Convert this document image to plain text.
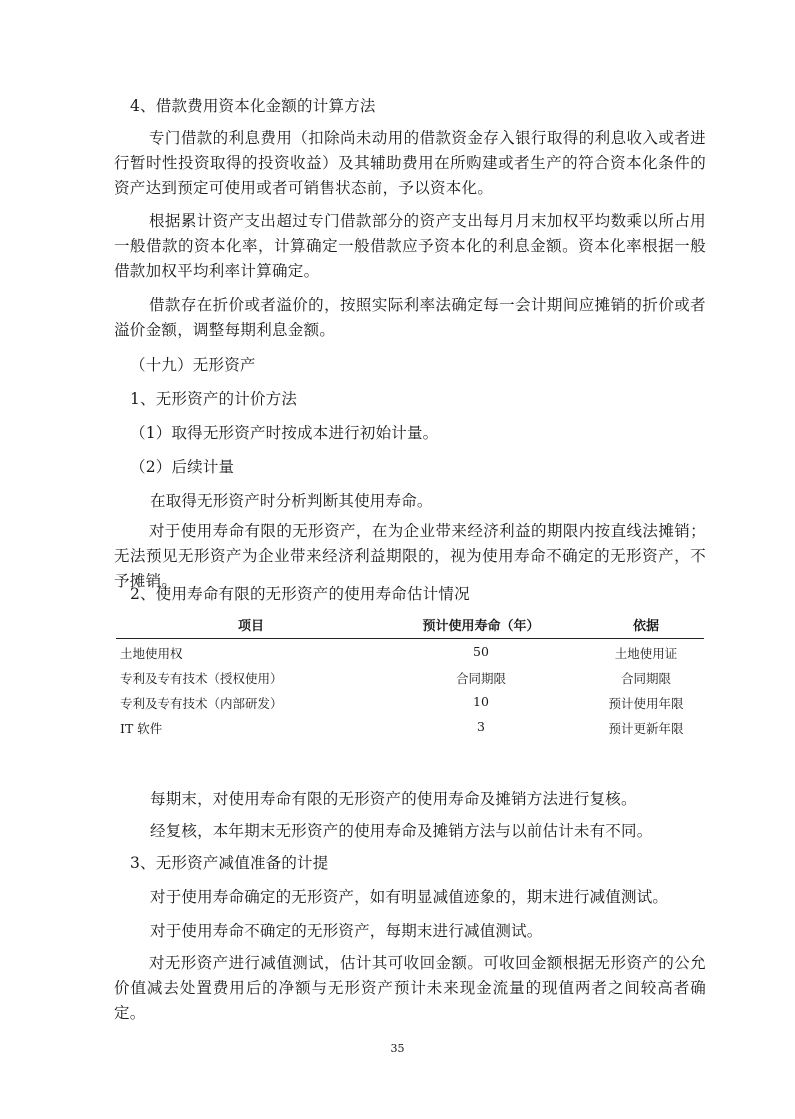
4、借款费用资本化金额的计算方法
专门借款的利息费用（扣除尚未动用的借款资金存入银行取得的利息收入或者进行暂时性投资取得的投资收益）及其辅助费用在所购建或者生产的符合资本化条件的资产达到预定可使用或者可销售状态前，予以资本化。
根据累计资产支出超过专门借款部分的资产支出每月月末加权平均数乘以所占用一般借款的资本化率，计算确定一般借款应予资本化的利息金额。资本化率根据一般借款加权平均利率计算确定。
借款存在折价或者溢价的，按照实际利率法确定每一会计期间应摊销的折价或者溢价金额，调整每期利息金额。
（十九）无形资产
1、无形资产的计价方法
（1）取得无形资产时按成本进行初始计量。
（2）后续计量
在取得无形资产时分析判断其使用寿命。
对于使用寿命有限的无形资产，在为企业带来经济利益的期限内按直线法摊销；无法预见无形资产为企业带来经济利益期限的，视为使用寿命不确定的无形资产，不予摊销。
2、使用寿命有限的无形资产的使用寿命估计情况
项目	预计使用寿命（年）	依据
土地使用权	50	土地使用证
专利及专有技术（授权使用）	合同期限	合同期限
专利及专有技术（内部研发）	10	预计使用年限
IT 软件	3	预计更新年限
每期末，对使用寿命有限的无形资产的使用寿命及摊销方法进行复核。
经复核，本年期末无形资产的使用寿命及摊销方法与以前估计未有不同。
3、无形资产减值准备的计提
对于使用寿命确定的无形资产，如有明显减值迹象的，期末进行减值测试。
对于使用寿命不确定的无形资产，每期末进行减值测试。
对无形资产进行减值测试，估计其可收回金额。可收回金额根据无形资产的公允价值减去处置费用后的净额与无形资产预计未来现金流量的现值两者之间较高者确定。
35
